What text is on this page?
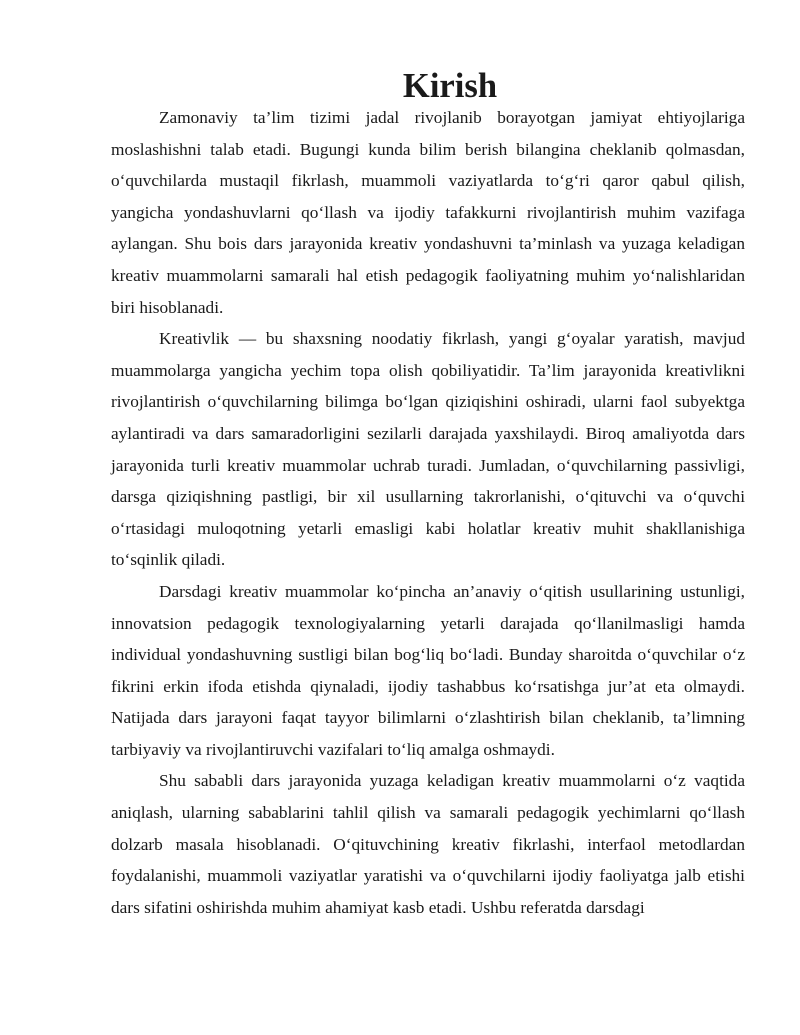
Kirish

Zamonaviy ta’lim tizimi jadal rivojlanib borayotgan jamiyat ehtiyojlariga moslashishni talab etadi. Bugungi kunda bilim berish bilangina cheklanib qolmasdan, o‘quvchilarda mustaqil fikrlash, muammoli vaziyatlarda to‘g‘ri qaror qabul qilish, yangicha yondashuvlarni qo‘llash va ijodiy tafakkurni rivojlantirish muhim vazifaga aylangan. Shu bois dars jarayonida kreativ yondashuvni ta’minlash va yuzaga keladigan kreativ muammolarni samarali hal etish pedagogik faoliyatning muhim yo‘nalishlaridan biri hisoblanadi.

Kreativlik — bu shaxsning noodatiy fikrlash, yangi g‘oyalar yaratish, mavjud muammolarga yangicha yechim topa olish qobiliyatidir. Ta’lim jarayonida kreativlikni rivojlantirish o‘quvchilarning bilimga bo‘lgan qiziqishini oshiradi, ularni faol subyektga aylantiradi va dars samaradorligini sezilarli darajada yaxshilaydi. Biroq amaliyotda dars jarayonida turli kreativ muammolar uchrab turadi. Jumladan, o‘quvchilarning passivligi, darsga qiziqishning pastligi, bir xil usullarning takrorlanishi, o‘qituvchi va o‘quvchi o‘rtasidagi muloqotning yetarli emasligi kabi holatlar kreativ muhit shakllanishiga to‘sqinlik qiladi.

Darsdagi kreativ muammolar ko‘pincha an’anaviy o‘qitish usullarining ustunligi, innovatsion pedagogik texnologiyalarning yetarli darajada qo‘llanilmasligi hamda individual yondashuvning sustligi bilan bog‘liq bo‘ladi. Bunday sharoitda o‘quvchilar o‘z fikrini erkin ifoda etishda qiynaladi, ijodiy tashabbus ko‘rsatishga jur’at eta olmaydi. Natijada dars jarayoni faqat tayyor bilimlarni o‘zlashtirish bilan cheklanib, ta’limning tarbiyaviy va rivojlantiruvchi vazifalari to‘liq amalga oshmaydi.

Shu sababli dars jarayonida yuzaga keladigan kreativ muammolarni o‘z vaqtida aniqlash, ularning sabablarini tahlil qilish va samarali pedagogik yechimlarni qo‘llash dolzarb masala hisoblanadi. O‘qituvchining kreativ fikrlashi, interfaol metodlardan foydalanishi, muammoli vaziyatlar yaratishi va o‘quvchilarni ijodiy faoliyatga jalb etishi dars sifatini oshirishda muhim ahamiyat kasb etadi. Ushbu referatda darsdagi
